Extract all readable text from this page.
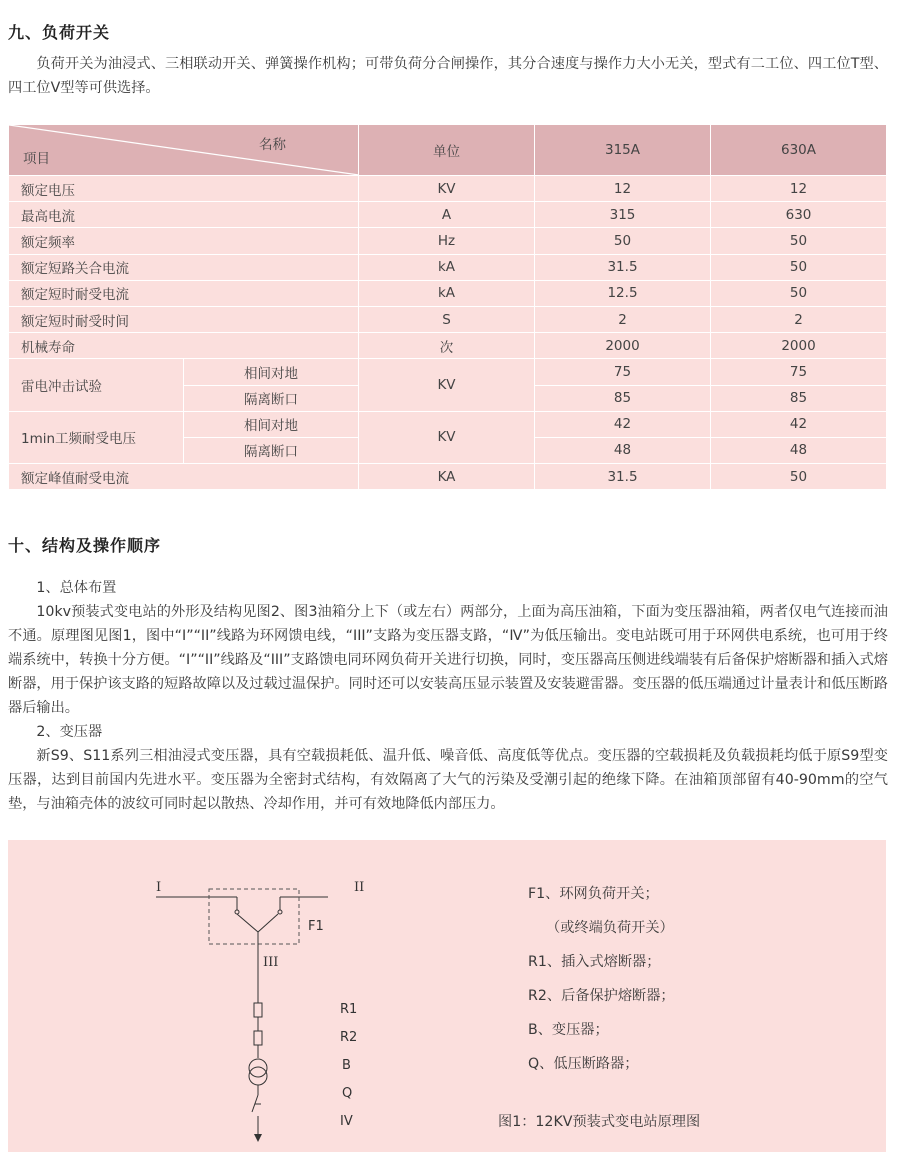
九、负荷开关
负荷开关为油浸式、三相联动开关、弹簧操作机构；可带负荷分合闸操作，其分合速度与操作力大小无关，型式有二工位、四工位T型、四工位V型等可供选择。
名称
项目		单位	315A	630A
额定电压		KV	12	12
最高电流		A	315	630
额定频率		Hz	50	50
额定短路关合电流		kA	31.5	50
额定短时耐受电流		kA	12.5	50
额定短时耐受时间		S	2	2
机械寿命		次	2000	2000
雷电冲击试验	相间对地	KV	75	75
	隔离断口		85	85
1min工频耐受电压	相间对地	KV	42	42
	隔离断口		48	48
额定峰值耐受电流		KA	31.5	50
十、结构及操作顺序

1、总体布置

10kv预装式变电站的外形及结构见图2、图3油箱分上下（或左右）两部分，上面为高压油箱，下面为变压器油箱，两者仅电气连接而油不通。原理图见图1，图中“I”“II”线路为环网馈电线，“III”支路为变压器支路，“Ⅳ”为低压输出。变电站既可用于环网供电系统，也可用于终端系统中，转换十分方便。“I”“II”线路及“III”支路馈电同环网负荷开关进行切换，同时，变压器高压侧进线端装有后备保护熔断器和插入式熔断器，用于保护该支路的短路故障以及过载过温保护。同时还可以安装高压显示装置及安装避雷器。变压器的低压端通过计量表计和低压断路器后输出。

2、变压器

新S9、S11系列三相油浸式变压器，具有空载损耗低、温升低、噪音低、高度低等优点。变压器的空载损耗及负载损耗均低于原S9型变压器，达到目前国内先进水平。变压器为全密封式结构，有效隔离了大气的污染及受潮引起的绝缘下降。在油箱顶部留有40-90mm的空气垫，与油箱壳体的波纹可同时起以散热、冷却作用，并可有效地降低内部压力。

I	II
F1
III
R1
R2
B
Q
IV

F1、环网负荷开关；

（或终端负荷开关）

R1、插入式熔断器；

R2、后备保护熔断器；

B、变压器；

Q、低压断路器；

图1：12KV预装式变电站原理图
